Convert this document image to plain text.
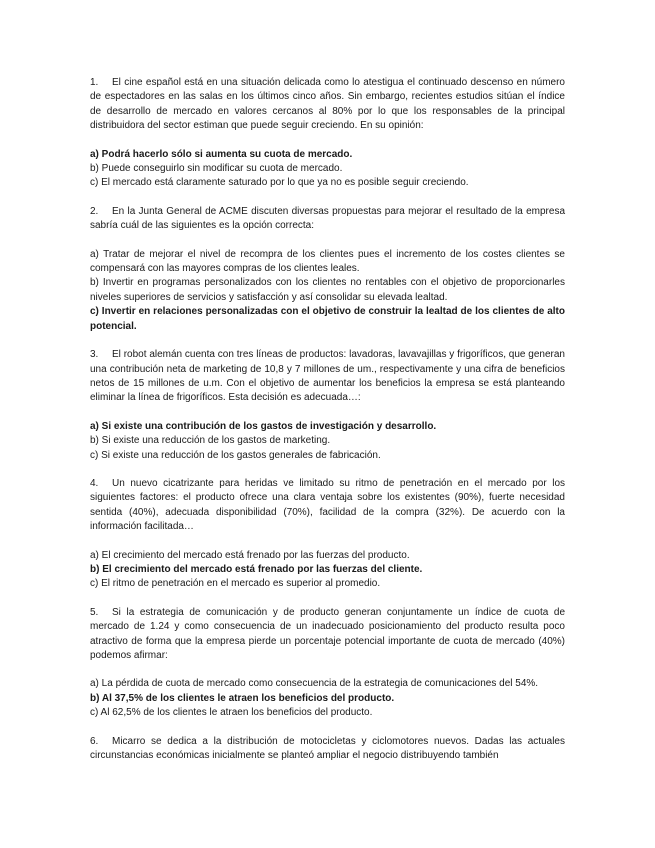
1. El cine español está en una situación delicada como lo atestigua el continuado descenso en número de espectadores en las salas en los últimos cinco años. Sin embargo, recientes estudios sitúan el índice de desarrollo de mercado en valores cercanos al 80% por lo que los responsables de la principal distribuidora del sector estiman que puede seguir creciendo. En su opinión:

a) Podrá hacerlo sólo si aumenta su cuota de mercado.

b) Puede conseguirlo sin modificar su cuota de mercado.

c) El mercado está claramente saturado por lo que ya no es posible seguir creciendo.

2. En la Junta General de ACME discuten diversas propuestas para mejorar el resultado de la empresa sabría cuál de las siguientes es la opción correcta:

a) Tratar de mejorar el nivel de recompra de los clientes pues el incremento de los costes clientes se compensará con las mayores compras de los clientes leales.

b) Invertir en programas personalizados con los clientes no rentables con el objetivo de proporcionarles niveles superiores de servicios y satisfacción y así consolidar su elevada lealtad.

c) Invertir en relaciones personalizadas con el objetivo de construir la lealtad de los clientes de alto potencial.

3. El robot alemán cuenta con tres líneas de productos: lavadoras, lavavajillas y frigoríficos, que generan una contribución neta de marketing de 10,8 y 7 millones de um., respectivamente y una cifra de beneficios netos de 15 millones de u.m. Con el objetivo de aumentar los beneficios la empresa se está planteando eliminar la línea de frigoríficos. Esta decisión es adecuada…:

a) Si existe una contribución de los gastos de investigación y desarrollo.

b) Si existe una reducción de los gastos de marketing.

c) Si existe una reducción de los gastos generales de fabricación.

4. Un nuevo cicatrizante para heridas ve limitado su ritmo de penetración en el mercado por los siguientes factores: el producto ofrece una clara ventaja sobre los existentes (90%), fuerte necesidad sentida (40%), adecuada disponibilidad (70%), facilidad de la compra (32%). De acuerdo con la información facilitada…

a) El crecimiento del mercado está frenado por las fuerzas del producto.

b) El crecimiento del mercado está frenado por las fuerzas del cliente.

c) El ritmo de penetración en el mercado es superior al promedio.

5. Si la estrategia de comunicación y de producto generan conjuntamente un índice de cuota de mercado de 1.24 y como consecuencia de un inadecuado posicionamiento del producto resulta poco atractivo de forma que la empresa pierde un porcentaje potencial importante de cuota de mercado (40%) podemos afirmar:

a) La pérdida de cuota de mercado como consecuencia de la estrategia de comunicaciones del 54%.

b) Al 37,5% de los clientes le atraen los beneficios del producto.

c) Al 62,5% de los clientes le atraen los beneficios del producto.

6. Micarro se dedica a la distribución de motocicletas y ciclomotores nuevos. Dadas las actuales circunstancias económicas inicialmente se planteó ampliar el negocio distribuyendo también
